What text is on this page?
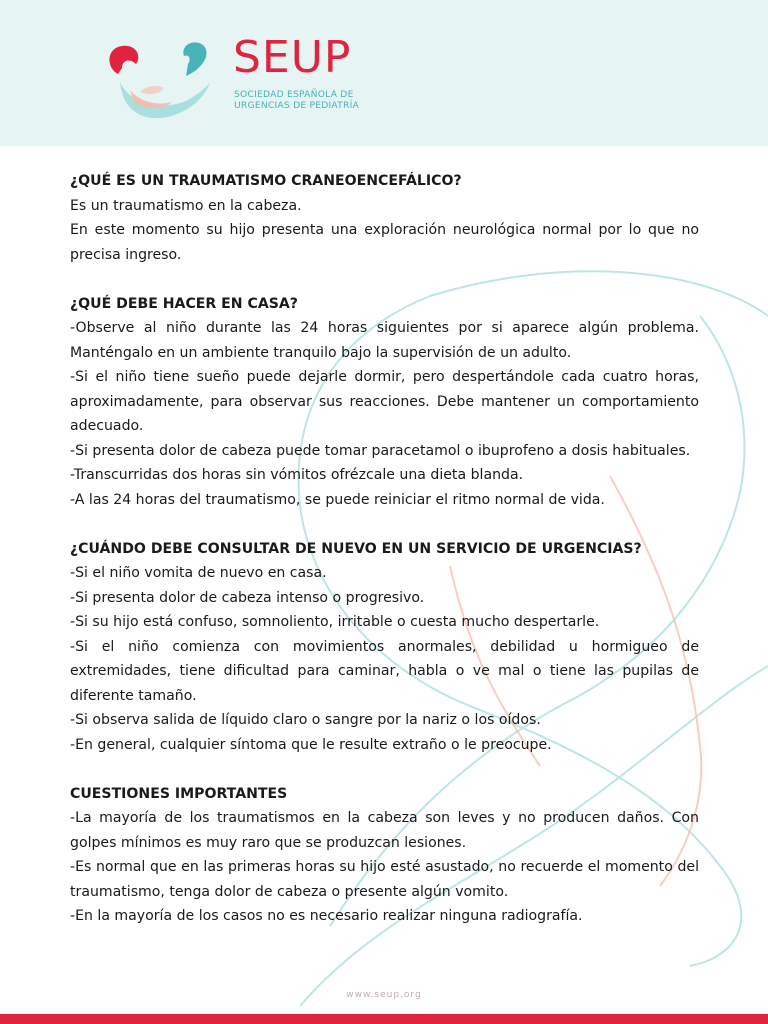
SEUP
SOCIEDAD ESPAÑOLA DE
URGENCIAS DE PEDIATRÍA

¿QUÉ ES UN TRAUMATISMO CRANEOENCEFÁLICO?

Es un traumatismo en la cabeza.

En este momento su hijo presenta una exploración neurológica normal por lo que no precisa ingreso.

¿QUÉ DEBE HACER EN CASA?

-Observe al niño durante las 24 horas siguientes por si aparece algún problema. Manténgalo en un ambiente tranquilo bajo la supervisión de un adulto.

-Si el niño tiene sueño puede dejarle dormir, pero despertándole cada cuatro horas, aproximadamente, para observar sus reacciones. Debe mantener un comportamiento adecuado.

-Si presenta dolor de cabeza puede tomar paracetamol o ibuprofeno a dosis habituales.

-Transcurridas dos horas sin vómitos ofrézcale una dieta blanda.

-A las 24 horas del traumatismo, se puede reiniciar el ritmo normal de vida.

¿CUÁNDO DEBE CONSULTAR DE NUEVO EN UN SERVICIO DE URGENCIAS?

-Si el niño vomita de nuevo en casa.

-Si presenta dolor de cabeza intenso o progresivo.

-Si su hijo está confuso, somnoliento, irritable o cuesta mucho despertarle.

-Si el niño comienza con movimientos anormales, debilidad u hormigueo de extremidades, tiene dificultad para caminar, habla o ve mal o tiene las pupilas de diferente tamaño.

-Si observa salida de líquido claro o sangre por la nariz o los oídos.

-En general, cualquier síntoma que le resulte extraño o le preocupe.

CUESTIONES IMPORTANTES

-La mayoría de los traumatismos en la cabeza son leves y no producen daños. Con golpes mínimos es muy raro que se produzcan lesiones.

-Es normal que en las primeras horas su hijo esté asustado, no recuerde el momento del traumatismo, tenga dolor de cabeza o presente algún vomito.

-En la mayoría de los casos no es necesario realizar ninguna radiografía.

www.seup.org
